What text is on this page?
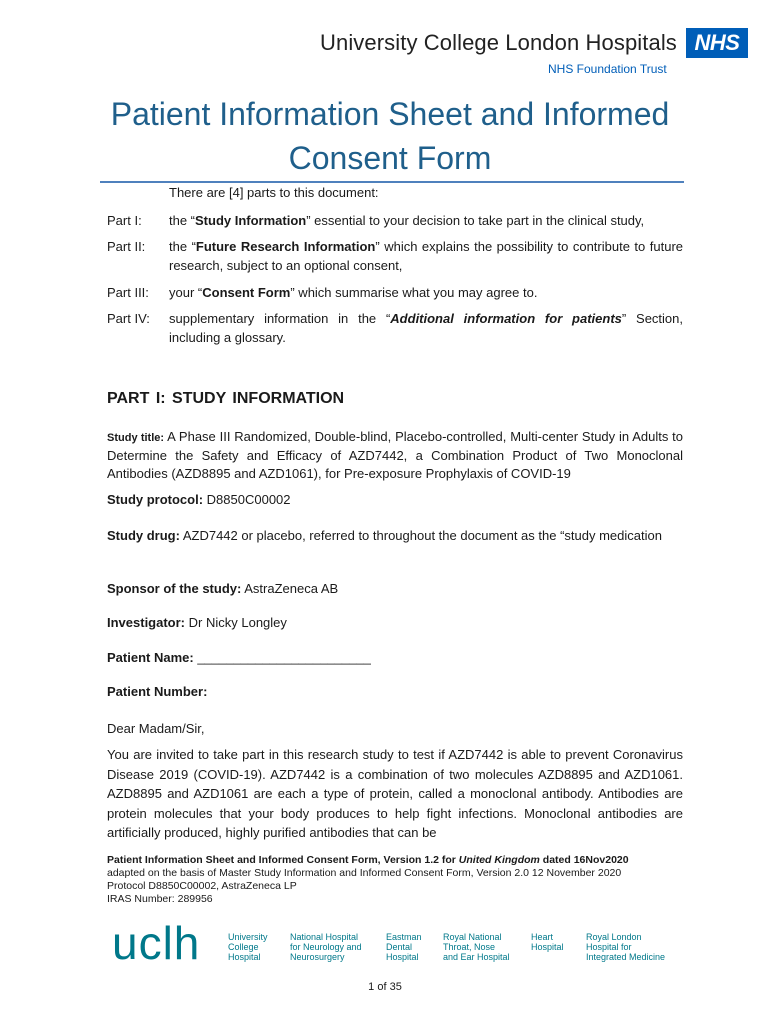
University College London Hospitals
NHS Foundation Trust
NHS
Patient Information Sheet and Informed
Consent Form
There are [4] parts to this document:
Part I: the “Study Information” essential to your decision to take part in the clinical study,
Part II: the “Future Research Information” which explains the possibility to contribute to future research, subject to an optional consent,
Part III: your “Consent Form” which summarise what you may agree to.
Part IV: supplementary information in the “Additional information for patients” Section, including a glossary.
PART I: STUDY INFORMATION
Study title: A Phase III Randomized, Double-blind, Placebo-controlled, Multi-center Study in Adults to Determine the Safety and Efficacy of AZD7442, a Combination Product of Two Monoclonal Antibodies (AZD8895 and AZD1061), for Pre-exposure Prophylaxis of COVID-19
Study protocol: D8850C00002
Study drug: AZD7442 or placebo, referred to throughout the document as the “study medication
Sponsor of the study: AstraZeneca AB
Investigator: Dr Nicky Longley
Patient Name: ________________________
Patient Number:
Dear Madam/Sir,
You are invited to take part in this research study to test if AZD7442 is able to prevent Coronavirus Disease 2019 (COVID-19). AZD7442 is a combination of two molecules AZD8895 and AZD1061. AZD8895 and AZD1061 are each a type of protein, called a monoclonal antibody. Antibodies are protein molecules that your body produces to help fight infections. Monoclonal antibodies are artificially produced, highly purified antibodies that can be
Patient Information Sheet and Informed Consent Form, Version 1.2 for United Kingdom dated 16Nov2020
adapted on the basis of Master Study Information and Informed Consent Form, Version 2.0 12 November 2020
Protocol D8850C00002, AstraZeneca LP
IRAS Number: 289956
uclh	University
College
Hospital
National Hospital
for Neurology and
Neurosurgery
Eastman
Dental
Hospital
Royal National
Throat, Nose
and Ear Hospital
Heart
Hospital
Royal London
Hospital for
Integrated Medicine
1 of 35
